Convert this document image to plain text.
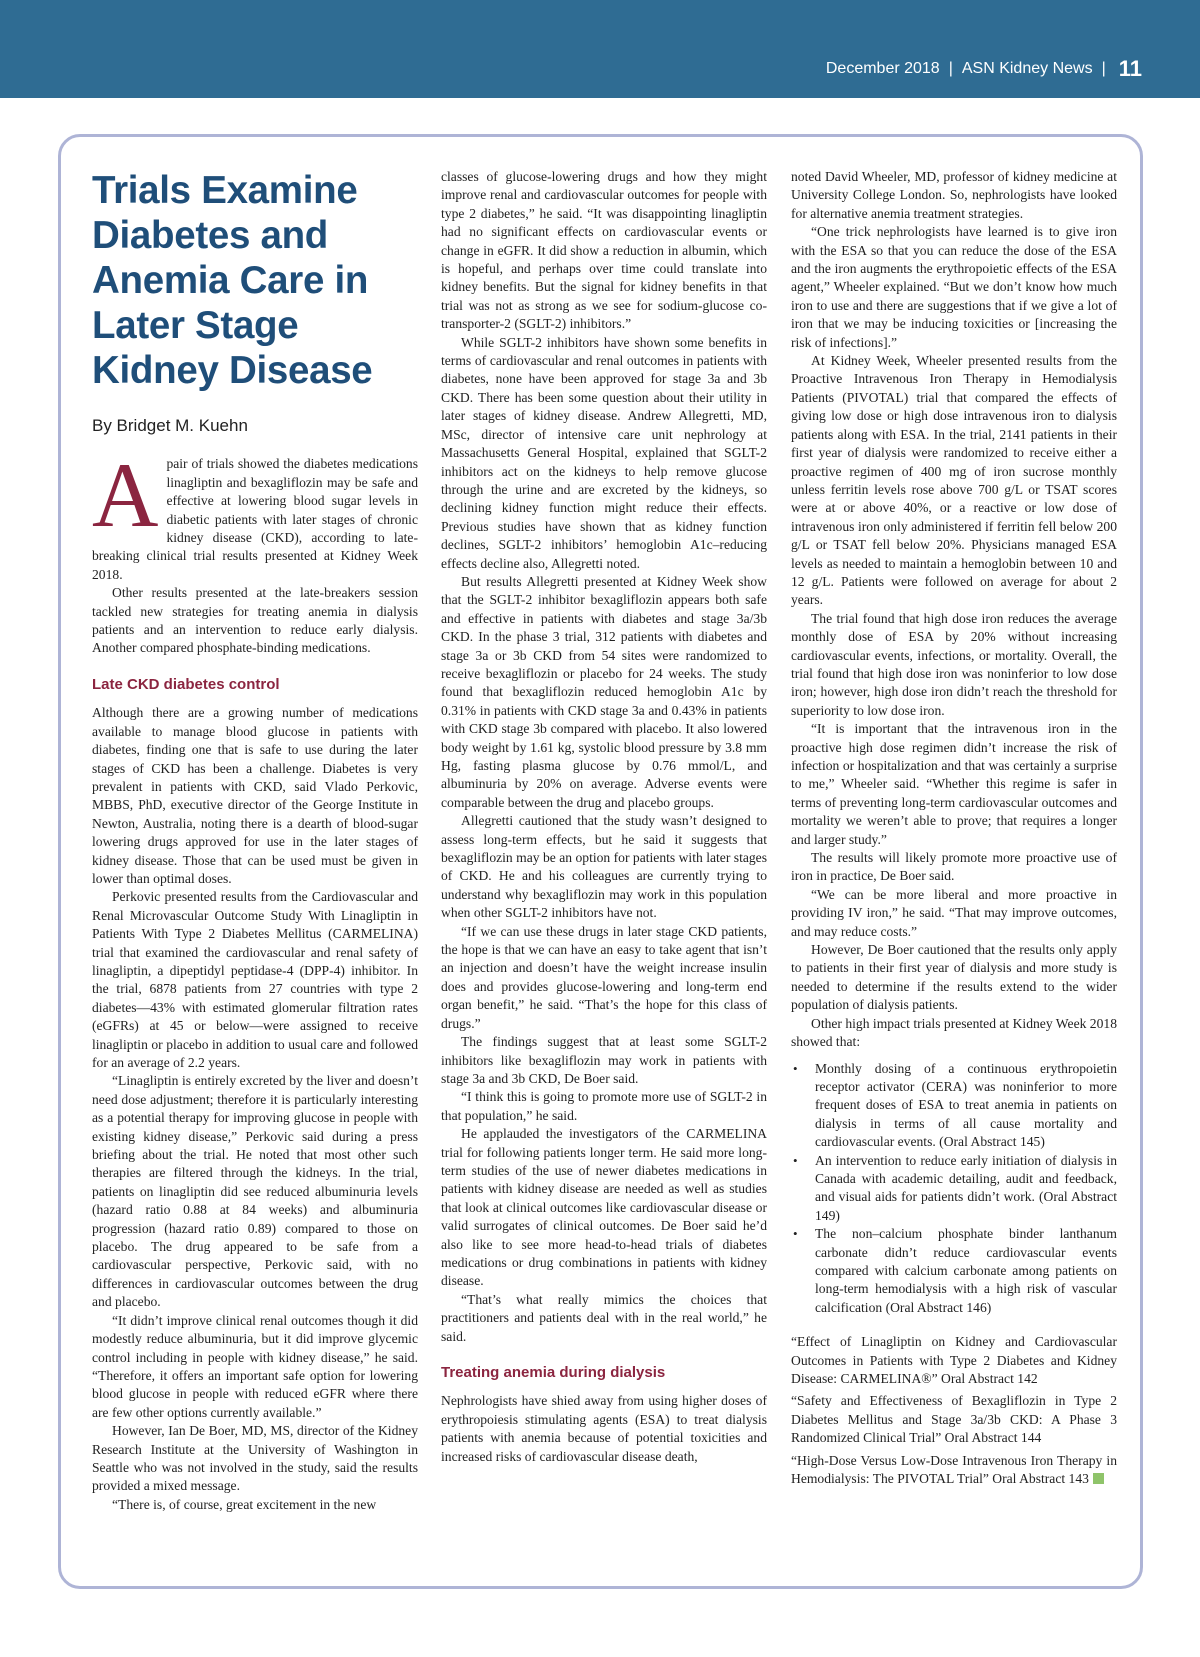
December 2018 | ASN Kidney News | 11
Trials Examine Diabetes and Anemia Care in Later Stage Kidney Disease
By Bridget M. Kuehn

Apair of trials showed the diabetes medications linagliptin and bexagliflozin may be safe and effective at lowering blood sugar levels in diabetic patients with later stages of chronic kidney disease (CKD), according to late-breaking clinical trial results presented at Kidney Week 2018.

Other results presented at the late-breakers session tackled new strategies for treating anemia in dialysis patients and an intervention to reduce early dialysis. Another compared phosphate-binding medications.

Late CKD diabetes control

Although there are a growing number of medications available to manage blood glucose in patients with diabetes, finding one that is safe to use during the later stages of CKD has been a challenge. Diabetes is very prevalent in patients with CKD, said Vlado Perkovic, MBBS, PhD, executive director of the George Institute in Newton, Australia, noting there is a dearth of blood-sugar lowering drugs approved for use in the later stages of kidney disease. Those that can be used must be given in lower than optimal doses.

Perkovic presented results from the Cardiovascular and Renal Microvascular Outcome Study With Linagliptin in Patients With Type 2 Diabetes Mellitus (CARMELINA) trial that examined the cardiovascular and renal safety of linagliptin, a dipeptidyl peptidase-4 (DPP-4) inhibitor. In the trial, 6878 patients from 27 countries with type 2 diabetes—43% with estimated glomerular filtration rates (eGFRs) at 45 or below—were assigned to receive linagliptin or placebo in addition to usual care and followed for an average of 2.2 years.

“Linagliptin is entirely excreted by the liver and doesn’t need dose adjustment; therefore it is particularly interesting as a potential therapy for improving glucose in people with existing kidney disease,” Perkovic said during a press briefing about the trial. He noted that most other such therapies are filtered through the kidneys. In the trial, patients on linagliptin did see reduced albuminuria levels (hazard ratio 0.88 at 84 weeks) and albuminuria progression (hazard ratio 0.89) compared to those on placebo. The drug appeared to be safe from a cardiovascular perspective, Perkovic said, with no differences in cardiovascular outcomes between the drug and placebo.

“It didn’t improve clinical renal outcomes though it did modestly reduce albuminuria, but it did improve glycemic control including in people with kidney disease,” he said. “Therefore, it offers an important safe option for lowering blood glucose in people with reduced eGFR where there are few other options currently available.”

However, Ian De Boer, MD, MS, director of the Kidney Research Institute at the University of Washington in Seattle who was not involved in the study, said the results provided a mixed message.

“There is, of course, great excitement in the new

classes of glucose-lowering drugs and how they might improve renal and cardiovascular outcomes for people with type 2 diabetes,” he said. “It was disappointing linagliptin had no significant effects on cardiovascular events or change in eGFR. It did show a reduction in albumin, which is hopeful, and perhaps over time could translate into kidney benefits. But the signal for kidney benefits in that trial was not as strong as we see for sodium-glucose co-transporter-2 (SGLT-2) inhibitors.”

While SGLT-2 inhibitors have shown some benefits in terms of cardiovascular and renal outcomes in patients with diabetes, none have been approved for stage 3a and 3b CKD. There has been some question about their utility in later stages of kidney disease. Andrew Allegretti, MD, MSc, director of intensive care unit nephrology at Massachusetts General Hospital, explained that SGLT-2 inhibitors act on the kidneys to help remove glucose through the urine and are excreted by the kidneys, so declining kidney function might reduce their effects. Previous studies have shown that as kidney function declines, SGLT-2 inhibitors’ hemoglobin A1c–reducing effects decline also, Allegretti noted.

But results Allegretti presented at Kidney Week show that the SGLT-2 inhibitor bexagliflozin appears both safe and effective in patients with diabetes and stage 3a/3b CKD. In the phase 3 trial, 312 patients with diabetes and stage 3a or 3b CKD from 54 sites were randomized to receive bexagliflozin or placebo for 24 weeks. The study found that bexagliflozin reduced hemoglobin A1c by 0.31% in patients with CKD stage 3a and 0.43% in patients with CKD stage 3b compared with placebo. It also lowered body weight by 1.61 kg, systolic blood pressure by 3.8 mm Hg, fasting plasma glucose by 0.76 mmol/L, and albuminuria by 20% on average. Adverse events were comparable between the drug and placebo groups.

Allegretti cautioned that the study wasn’t designed to assess long-term effects, but he said it suggests that bexagliflozin may be an option for patients with later stages of CKD. He and his colleagues are currently trying to understand why bexagliflozin may work in this population when other SGLT-2 inhibitors have not.

“If we can use these drugs in later stage CKD patients, the hope is that we can have an easy to take agent that isn’t an injection and doesn’t have the weight increase insulin does and provides glucose-lowering and long-term end organ benefit,” he said. “That’s the hope for this class of drugs.”

The findings suggest that at least some SGLT-2 inhibitors like bexagliflozin may work in patients with stage 3a and 3b CKD, De Boer said.

“I think this is going to promote more use of SGLT-2 in that population,” he said.

He applauded the investigators of the CARMELINA trial for following patients longer term. He said more long-term studies of the use of newer diabetes medications in patients with kidney disease are needed as well as studies that look at clinical outcomes like cardiovascular disease or valid surrogates of clinical outcomes. De Boer said he’d also like to see more head-to-head trials of diabetes medications or drug combinations in patients with kidney disease.

“That’s what really mimics the choices that practitioners and patients deal with in the real world,” he said.

Treating anemia during dialysis

Nephrologists have shied away from using higher doses of erythropoiesis stimulating agents (ESA) to treat dialysis patients with anemia because of potential toxicities and increased risks of cardiovascular disease death,

noted David Wheeler, MD, professor of kidney medicine at University College London. So, nephrologists have looked for alternative anemia treatment strategies.

“One trick nephrologists have learned is to give iron with the ESA so that you can reduce the dose of the ESA and the iron augments the erythropoietic effects of the ESA agent,” Wheeler explained. “But we don’t know how much iron to use and there are suggestions that if we give a lot of iron that we may be inducing toxicities or [increasing the risk of infections].”

At Kidney Week, Wheeler presented results from the Proactive Intravenous Iron Therapy in Hemodialysis Patients (PIVOTAL) trial that compared the effects of giving low dose or high dose intravenous iron to dialysis patients along with ESA. In the trial, 2141 patients in their first year of dialysis were randomized to receive either a proactive regimen of 400 mg of iron sucrose monthly unless ferritin levels rose above 700 g/L or TSAT scores were at or above 40%, or a reactive or low dose of intravenous iron only administered if ferritin fell below 200 g/L or TSAT fell below 20%. Physicians managed ESA levels as needed to maintain a hemoglobin between 10 and 12 g/L. Patients were followed on average for about 2 years.

The trial found that high dose iron reduces the average monthly dose of ESA by 20% without increasing cardiovascular events, infections, or mortality. Overall, the trial found that high dose iron was noninferior to low dose iron; however, high dose iron didn’t reach the threshold for superiority to low dose iron.

“It is important that the intravenous iron in the proactive high dose regimen didn’t increase the risk of infection or hospitalization and that was certainly a surprise to me,” Wheeler said. “Whether this regime is safer in terms of preventing long-term cardiovascular outcomes and mortality we weren’t able to prove; that requires a longer and larger study.”

The results will likely promote more proactive use of iron in practice, De Boer said.

“We can be more liberal and more proactive in providing IV iron,” he said. “That may improve outcomes, and may reduce costs.”

However, De Boer cautioned that the results only apply to patients in their first year of dialysis and more study is needed to determine if the results extend to the wider population of dialysis patients.

Other high impact trials presented at Kidney Week 2018 showed that:

• Monthly dosing of a continuous erythropoietin receptor activator (CERA) was noninferior to more frequent doses of ESA to treat anemia in patients on dialysis in terms of all cause mortality and cardiovascular events. (Oral Abstract 145)
• An intervention to reduce early initiation of dialysis in Canada with academic detailing, audit and feedback, and visual aids for patients didn’t work. (Oral Abstract 149)
• The non–calcium phosphate binder lanthanum carbonate didn’t reduce cardiovascular events compared with calcium carbonate among patients on long-term hemodialysis with a high risk of vascular calcification (Oral Abstract 146)

“Effect of Linagliptin on Kidney and Cardiovascular Outcomes in Patients with Type 2 Diabetes and Kidney Disease: CARMELINA®” Oral Abstract 142

“Safety and Effectiveness of Bexagliflozin in Type 2 Diabetes Mellitus and Stage 3a/3b CKD: A Phase 3 Randomized Clinical Trial” Oral Abstract 144

“High-Dose Versus Low-Dose Intravenous Iron Therapy in Hemodialysis: The PIVOTAL Trial” Oral Abstract 143
